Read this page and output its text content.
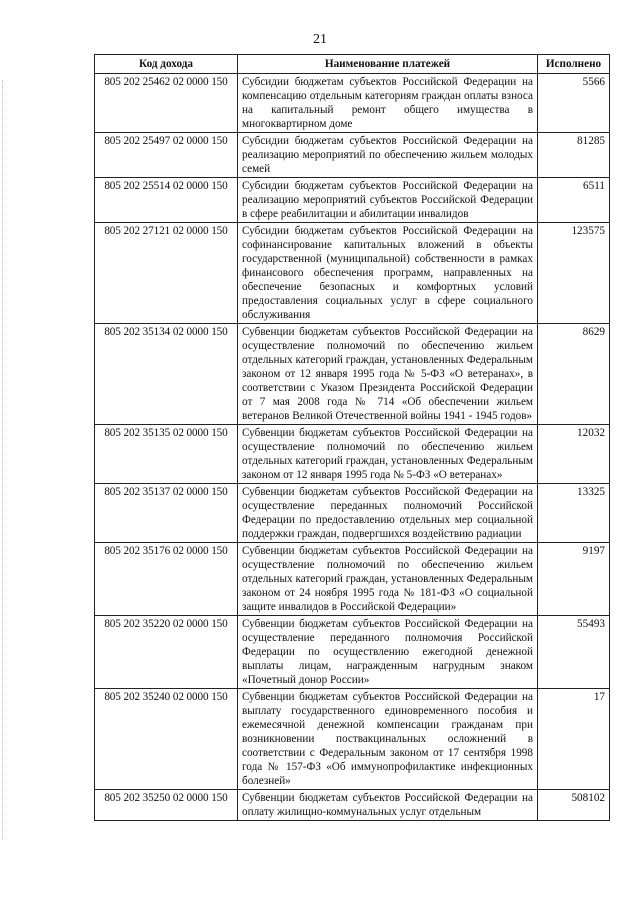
21
Код дохода	Наименование платежей	Исполнено
805 202 25462 02 0000 150	Субсидии бюджетам субъектов Российской Федерации на компенсацию отдельным категориям граждан оплаты взноса на капитальный ремонт общего имущества в многоквартирном доме	5566
805 202 25497 02 0000 150	Субсидии бюджетам субъектов Российской Федерации на реализацию мероприятий по обеспечению жильем молодых семей	81285
805 202 25514 02 0000 150	Субсидии бюджетам субъектов Российской Федерации на реализацию мероприятий субъектов Российской Федерации в сфере реабилитации и абилитации инвалидов	6511
805 202 27121 02 0000 150	Субсидии бюджетам субъектов Российской Федерации на софинансирование капитальных вложений в объекты государственной (муниципальной) собственности в рамках финансового обеспечения программ, направленных на обеспечение безопасных и комфортных условий предоставления социальных услуг в сфере социального обслуживания	123575
805 202 35134 02 0000 150	Субвенции бюджетам субъектов Российской Федерации на осуществление полномочий по обеспечению жильем отдельных категорий граждан, установленных Федеральным законом от 12 января 1995 года № 5-ФЗ «О ветеранах», в соответствии с Указом Президента Российской Федерации от 7 мая 2008 года № 714 «Об обеспечении жильем ветеранов Великой Отечественной войны 1941 - 1945 годов»	8629
805 202 35135 02 0000 150	Субвенции бюджетам субъектов Российской Федерации на осуществление полномочий по обеспечению жильем отдельных категорий граждан, установленных Федеральным законом от 12 января 1995 года № 5-ФЗ «О ветеранах»	12032
805 202 35137 02 0000 150	Субвенции бюджетам субъектов Российской Федерации на осуществление переданных полномочий Российской Федерации по предоставлению отдельных мер социальной поддержки граждан, подвергшихся воздействию радиации	13325
805 202 35176 02 0000 150	Субвенции бюджетам субъектов Российской Федерации на осуществление полномочий по обеспечению жильем отдельных категорий граждан, установленных Федеральным законом от 24 ноября 1995 года № 181-ФЗ «О социальной защите инвалидов в Российской Федерации»	9197
805 202 35220 02 0000 150	Субвенции бюджетам субъектов Российской Федерации на осуществление переданного полномочия Российской Федерации по осуществлению ежегодной денежной выплаты лицам, награжденным нагрудным знаком «Почетный донор России»	55493
805 202 35240 02 0000 150	Субвенции бюджетам субъектов Российской Федерации на выплату государственного единовременного пособия и ежемесячной денежной компенсации гражданам при возникновении поствакцинальных осложнений в соответствии с Федеральным законом от 17 сентября 1998 года № 157-ФЗ «Об иммунопрофилактике инфекционных болезней»	17
805 202 35250 02 0000 150	Субвенции бюджетам субъектов Российской Федерации на оплату жилищно-коммунальных услуг отдельным	508102
